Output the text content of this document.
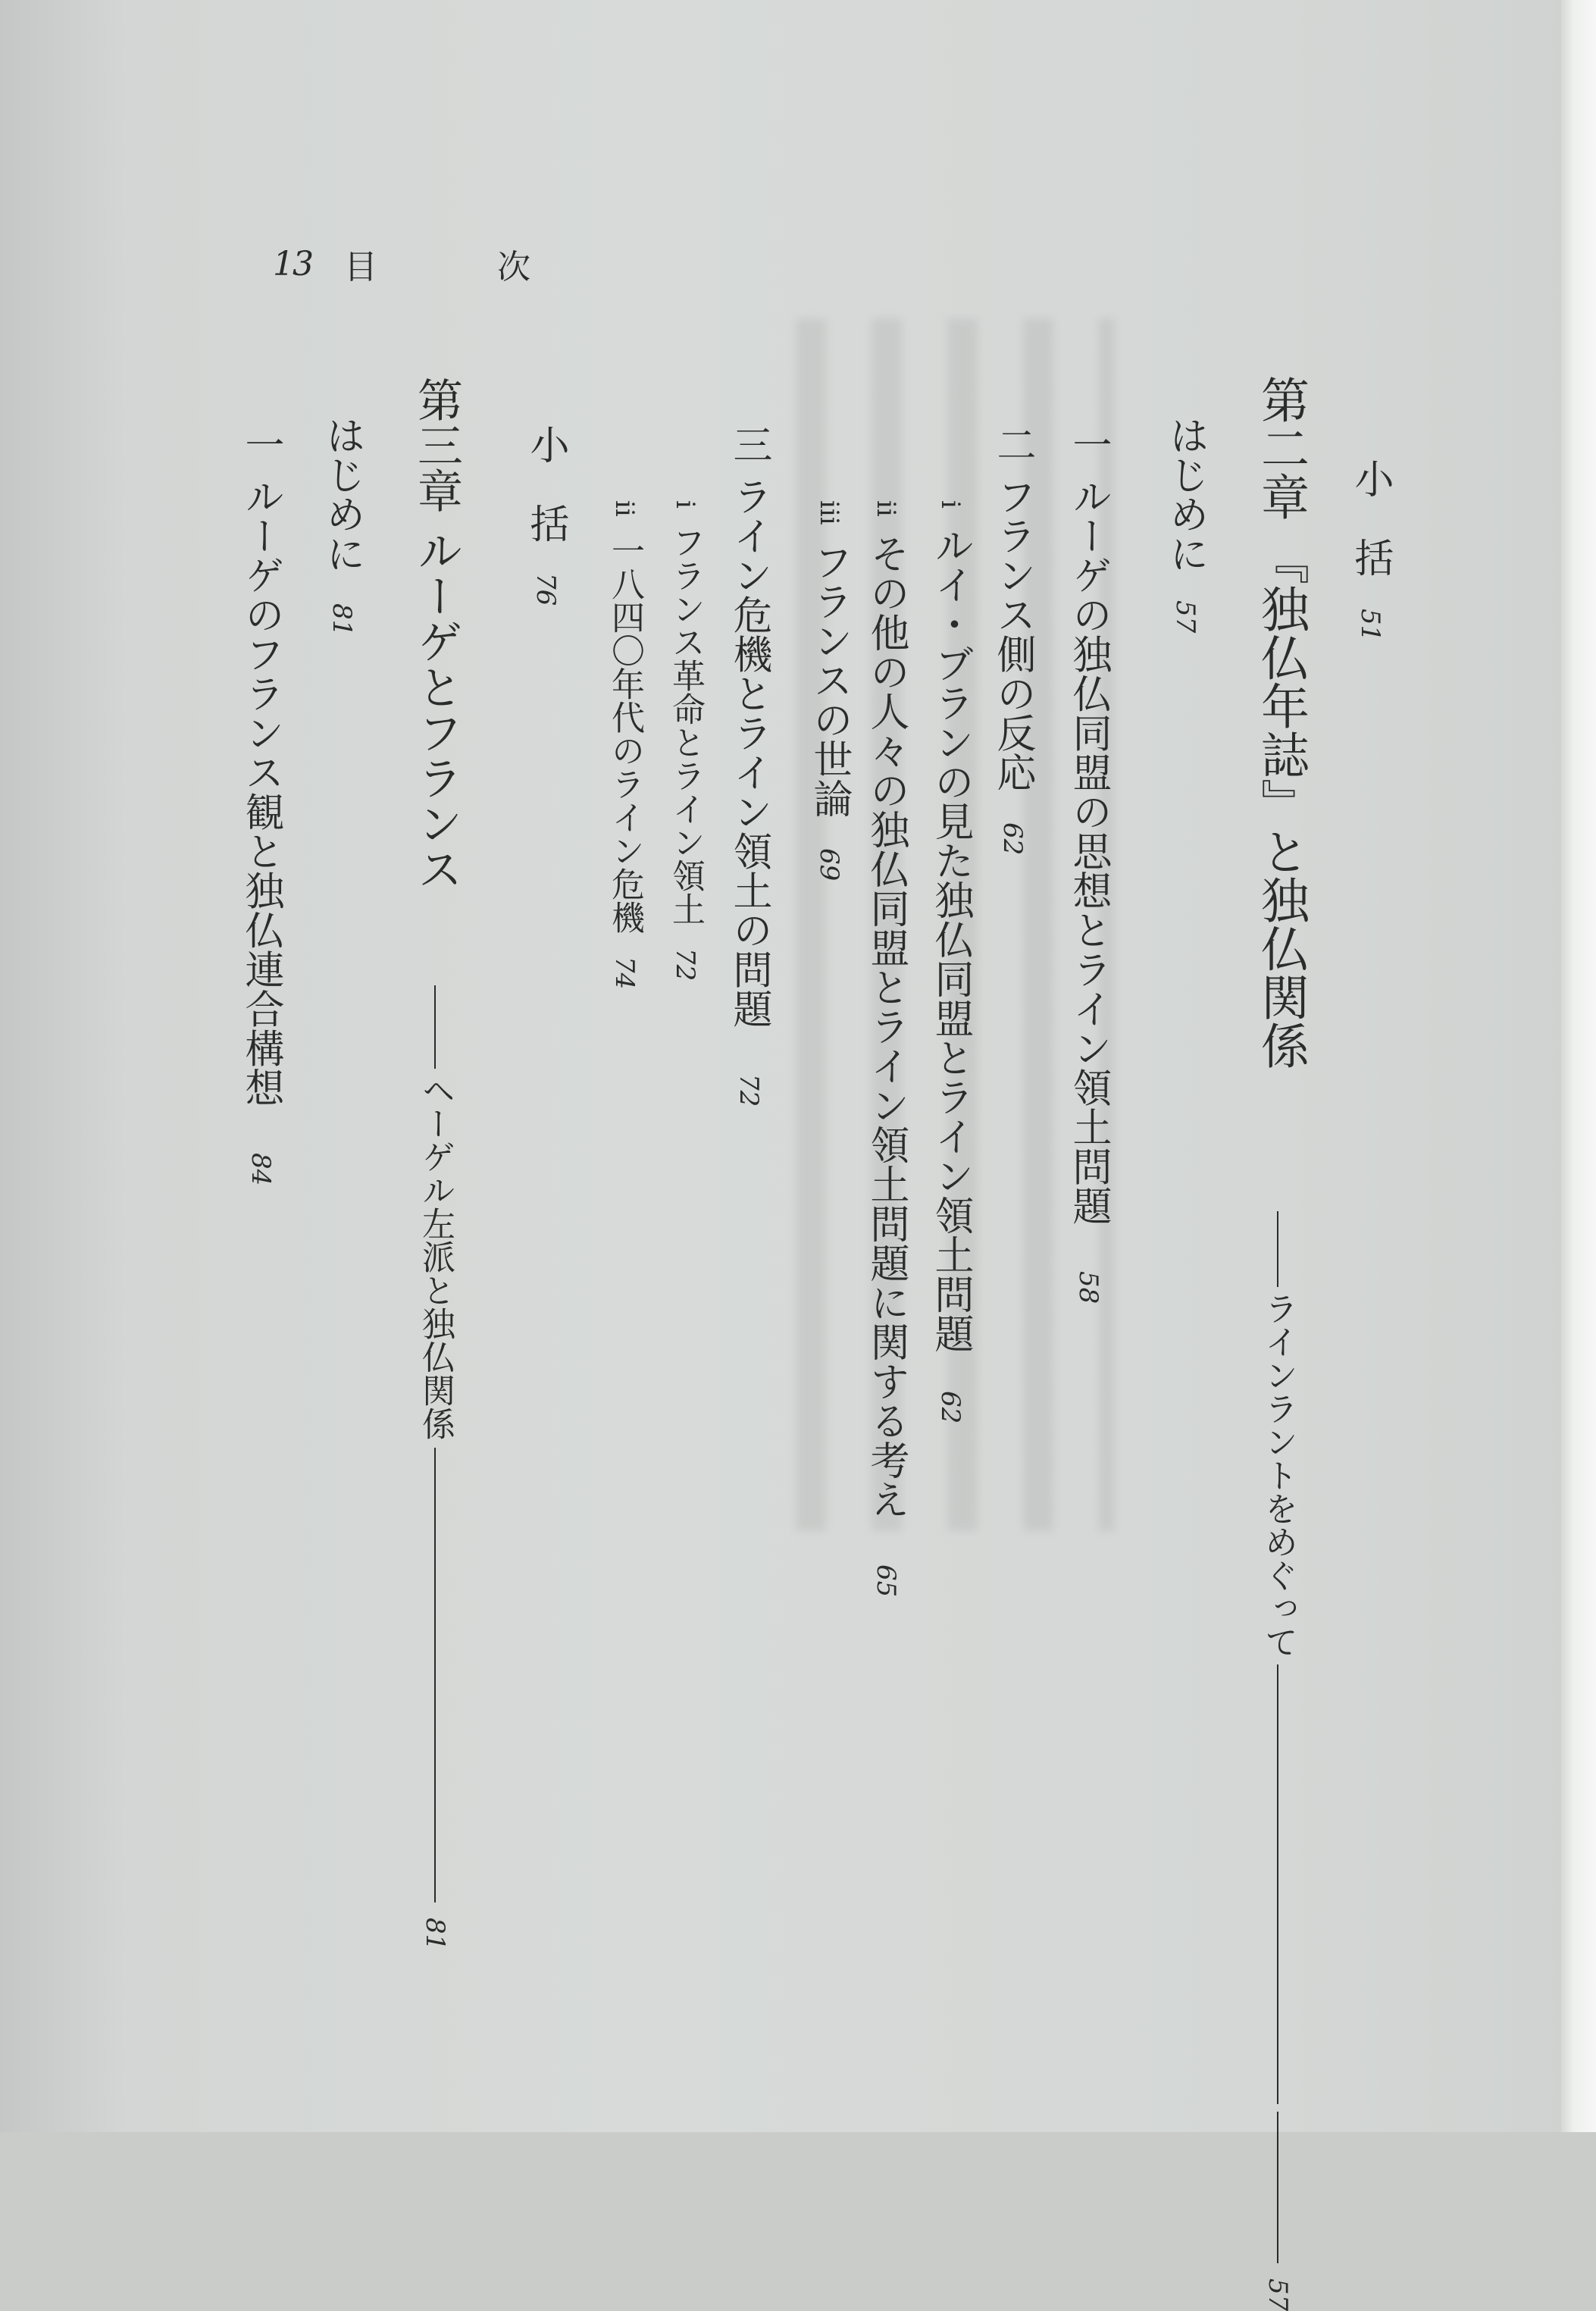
13 目 次
小　括
51
はじめに
57 第二章 『独仏年誌』と独仏関係
ラインラントをめぐって
57
一 ルーゲの独仏同盟の思想とライン領土問題
58
二 フランス側の反応
62
i
ルイ・ブランの見た独仏同盟とライン領土問題
62
ii
その他の人々の独仏同盟とライン領土問題に関する考え
65
iii
フランスの世論
69
三 ライン危機とライン領土の問題
72
i
フランス革命とライン領土
72
ii
一八四〇年代のライン危機
74
小　括
76
第三章 ルーゲとフランス
ヘーゲル左派と独仏関係
81
はじめに
81
一 ルーゲのフランス観と独仏連合構想
84
